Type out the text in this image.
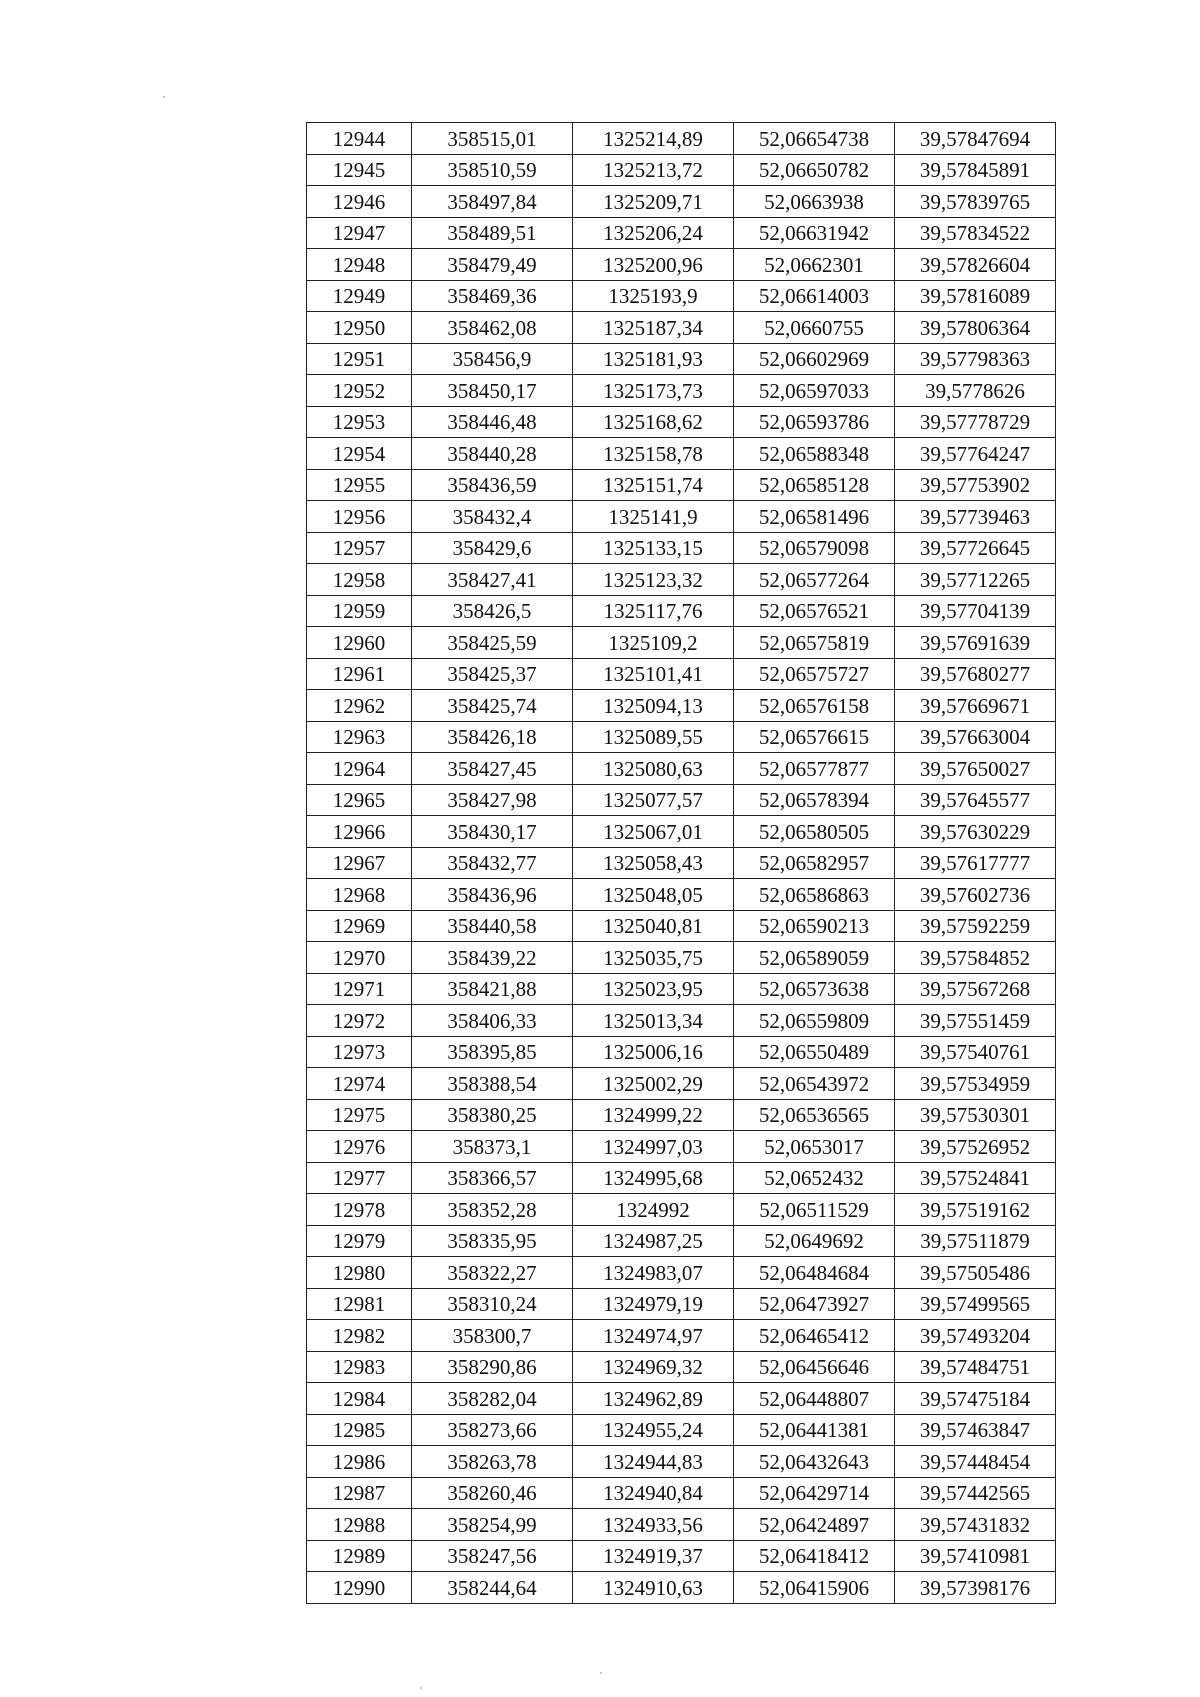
12944	358515,01	1325214,89	52,06654738	39,57847694
12945	358510,59	1325213,72	52,06650782	39,57845891
12946	358497,84	1325209,71	52,0663938	39,57839765
12947	358489,51	1325206,24	52,06631942	39,57834522
12948	358479,49	1325200,96	52,0662301	39,57826604
12949	358469,36	1325193,9	52,06614003	39,57816089
12950	358462,08	1325187,34	52,0660755	39,57806364
12951	358456,9	1325181,93	52,06602969	39,57798363
12952	358450,17	1325173,73	52,06597033	39,5778626
12953	358446,48	1325168,62	52,06593786	39,57778729
12954	358440,28	1325158,78	52,06588348	39,57764247
12955	358436,59	1325151,74	52,06585128	39,57753902
12956	358432,4	1325141,9	52,06581496	39,57739463
12957	358429,6	1325133,15	52,06579098	39,57726645
12958	358427,41	1325123,32	52,06577264	39,57712265
12959	358426,5	1325117,76	52,06576521	39,57704139
12960	358425,59	1325109,2	52,06575819	39,57691639
12961	358425,37	1325101,41	52,06575727	39,57680277
12962	358425,74	1325094,13	52,06576158	39,57669671
12963	358426,18	1325089,55	52,06576615	39,57663004
12964	358427,45	1325080,63	52,06577877	39,57650027
12965	358427,98	1325077,57	52,06578394	39,57645577
12966	358430,17	1325067,01	52,06580505	39,57630229
12967	358432,77	1325058,43	52,06582957	39,57617777
12968	358436,96	1325048,05	52,06586863	39,57602736
12969	358440,58	1325040,81	52,06590213	39,57592259
12970	358439,22	1325035,75	52,06589059	39,57584852
12971	358421,88	1325023,95	52,06573638	39,57567268
12972	358406,33	1325013,34	52,06559809	39,57551459
12973	358395,85	1325006,16	52,06550489	39,57540761
12974	358388,54	1325002,29	52,06543972	39,57534959
12975	358380,25	1324999,22	52,06536565	39,57530301
12976	358373,1	1324997,03	52,0653017	39,57526952
12977	358366,57	1324995,68	52,0652432	39,57524841
12978	358352,28	1324992	52,06511529	39,57519162
12979	358335,95	1324987,25	52,0649692	39,57511879
12980	358322,27	1324983,07	52,06484684	39,57505486
12981	358310,24	1324979,19	52,06473927	39,57499565
12982	358300,7	1324974,97	52,06465412	39,57493204
12983	358290,86	1324969,32	52,06456646	39,57484751
12984	358282,04	1324962,89	52,06448807	39,57475184
12985	358273,66	1324955,24	52,06441381	39,57463847
12986	358263,78	1324944,83	52,06432643	39,57448454
12987	358260,46	1324940,84	52,06429714	39,57442565
12988	358254,99	1324933,56	52,06424897	39,57431832
12989	358247,56	1324919,37	52,06418412	39,57410981
12990	358244,64	1324910,63	52,06415906	39,57398176
